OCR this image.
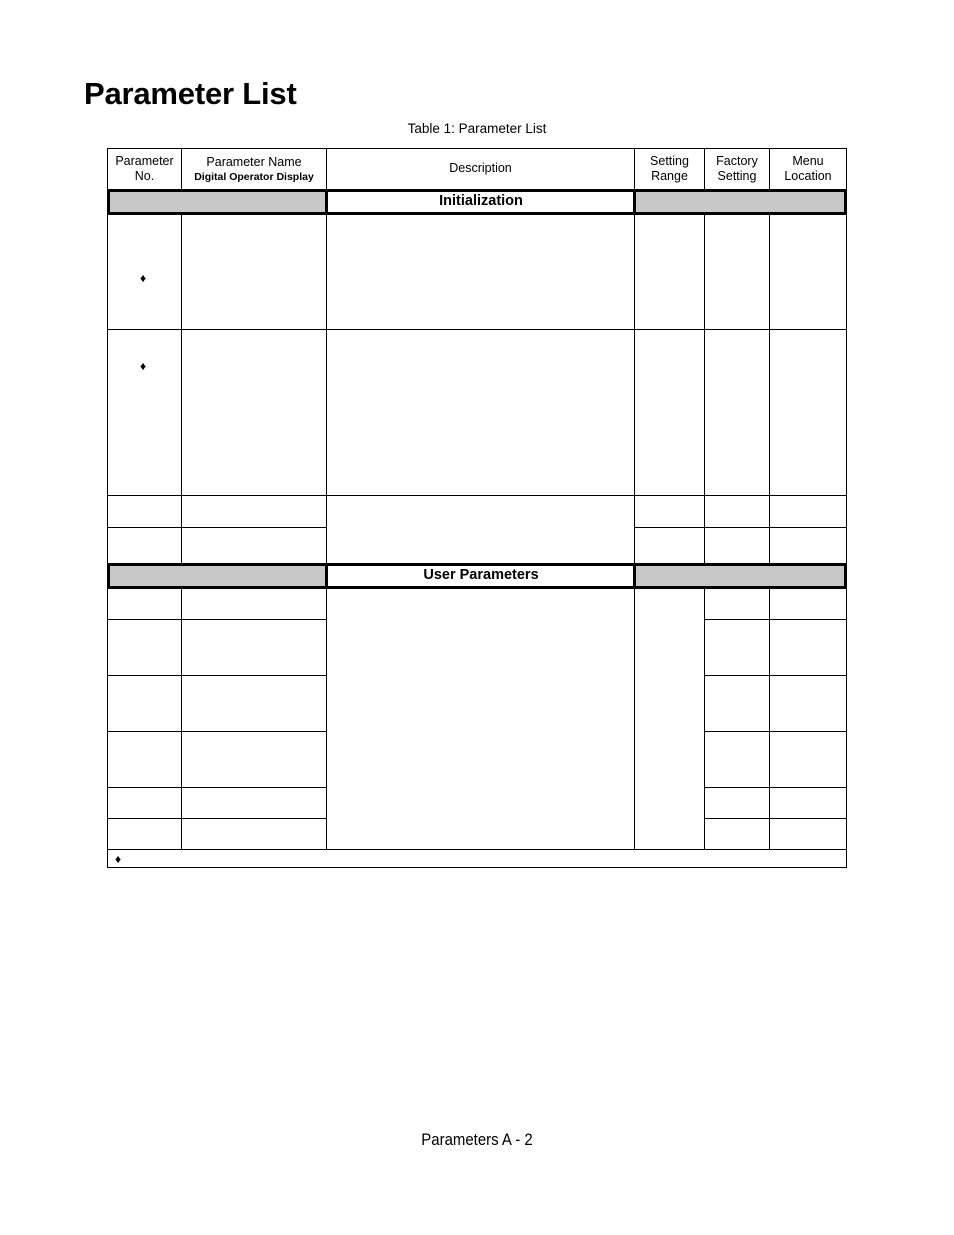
Parameter List
Table 1: Parameter List
Parameter
No.
Parameter Name
Digital Operator Display
Description	Setting
Range
Factory
Setting
Menu
Location
Initialization
User Parameters
♦
♦
♦
Parameters A - 2
